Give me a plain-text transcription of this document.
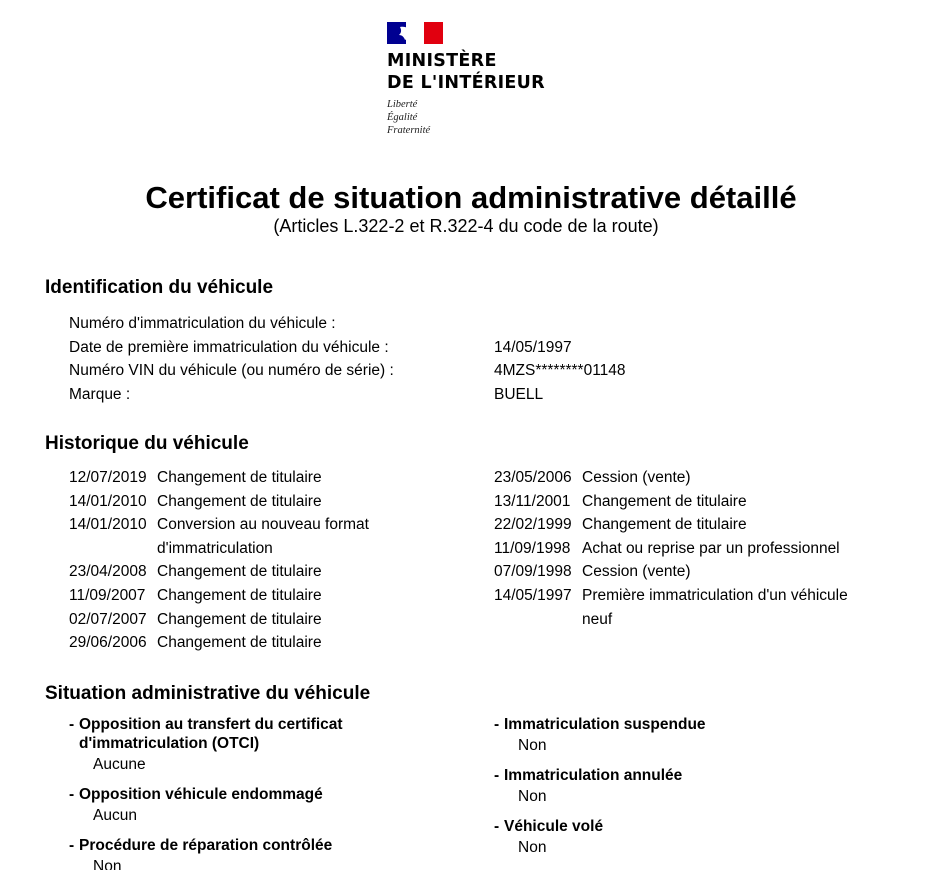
MINISTÈRE
DE L'INTÉRIEUR
Liberté
Égalité
Fraternité
Certificat de situation administrative détaillé
(Articles L.322-2 et R.322-4 du code de la route)
Identification du véhicule
Numéro d'immatriculation du véhicule :
Date de première immatriculation du véhicule :	14/05/1997
Numéro VIN du véhicule (ou numéro de série) :	4MZS********01148
Marque :	BUELL
Historique du véhicule
12/07/2019 Changement de titulaire
14/01/2010 Changement de titulaire
14/01/2010 Conversion au nouveau format d'immatriculation
23/04/2008 Changement de titulaire
11/09/2007 Changement de titulaire
02/07/2007 Changement de titulaire
29/06/2006 Changement de titulaire
23/05/2006 Cession (vente)
13/11/2001 Changement de titulaire
22/02/1999 Changement de titulaire
11/09/1998 Achat ou reprise par un professionnel
07/09/1998 Cession (vente)
14/05/1997 Première immatriculation d'un véhicule neuf
Situation administrative du véhicule
- Opposition au transfert du certificat d'immatriculation (OTCI)
Aucune
- Opposition véhicule endommagé
Aucun
- Procédure de réparation contrôlée
Non
- Immatriculation suspendue
Non
- Immatriculation annulée
Non
- Véhicule volé
Non
